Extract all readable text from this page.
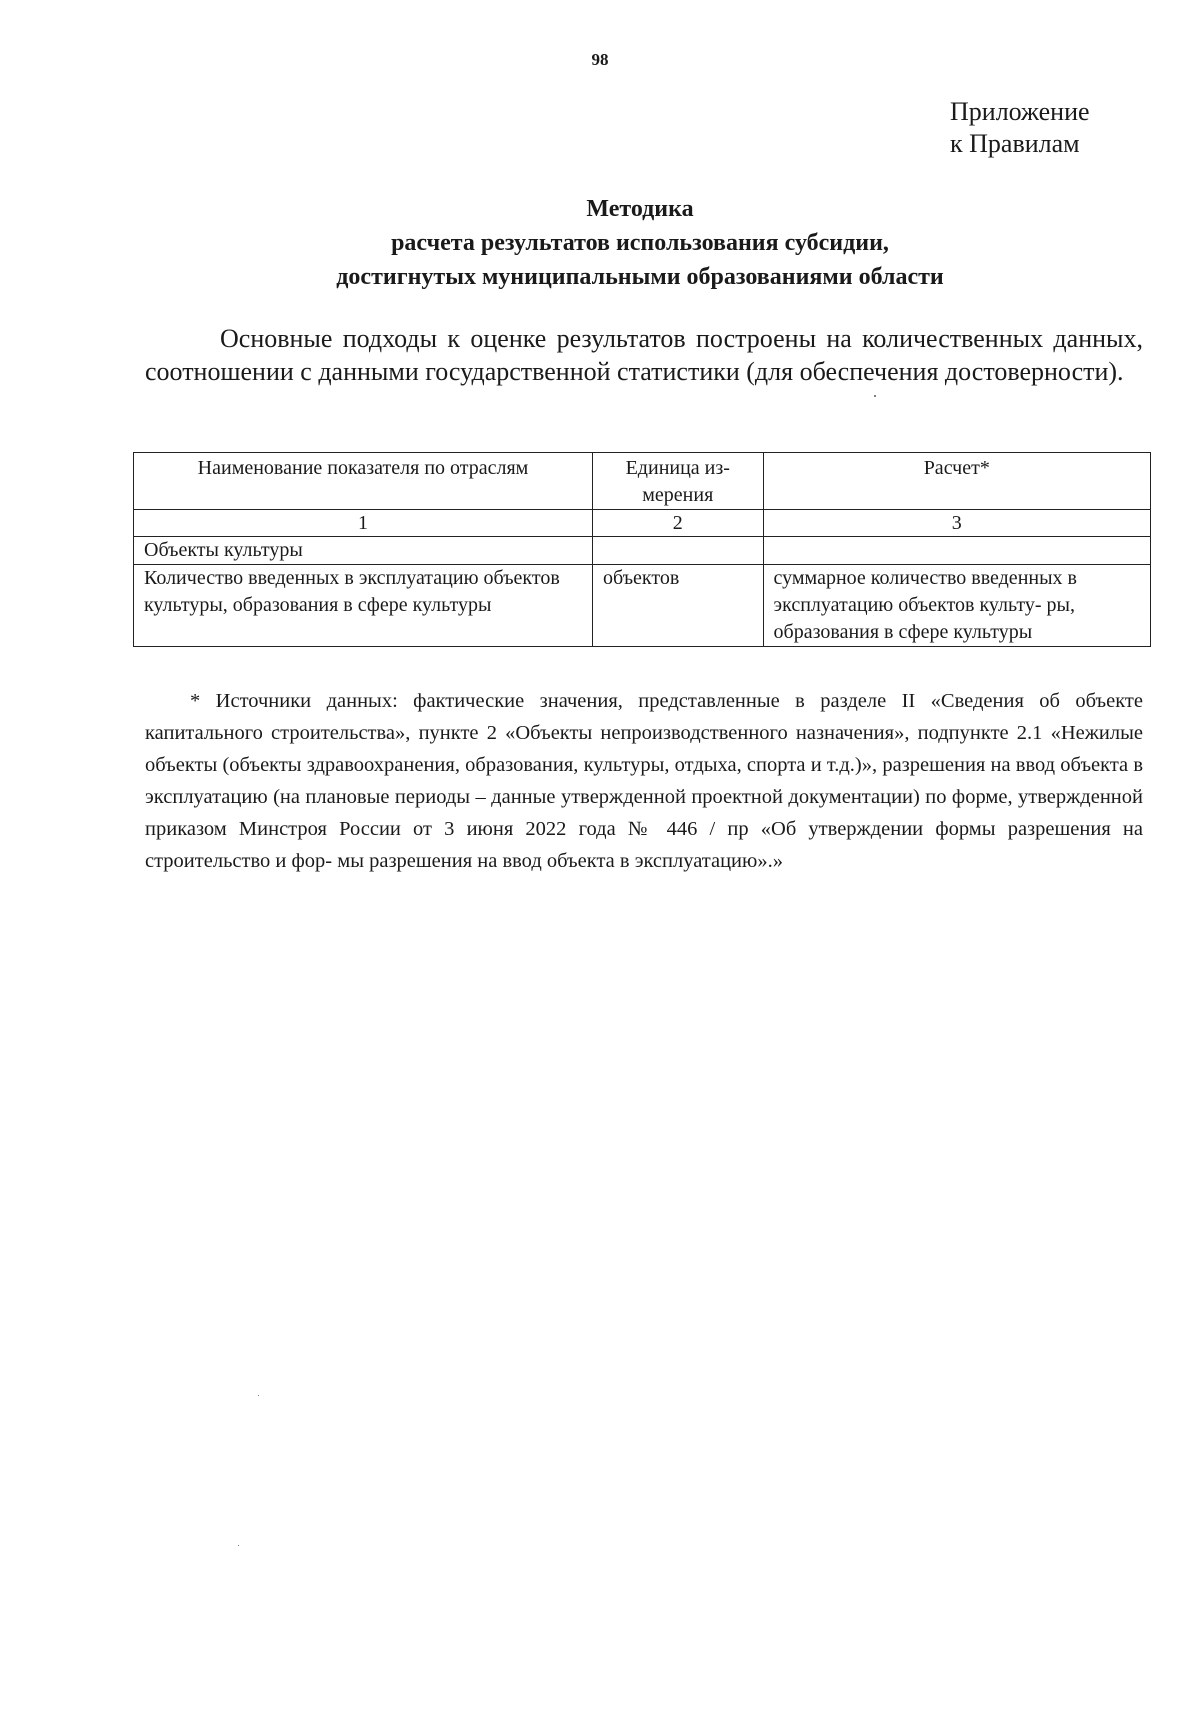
98
Приложение
к Правилам
Методика
расчета результатов использования субсидии,
достигнутых муниципальными образованиями области
Основные подходы к оценке результатов построены на количественных данных, соотношении с данными государственной статистики (для обеспечения достоверности).
Наименование показателя по отраслям	Единица из- мерения	Расчет*
1	2	3
Объекты культуры		
Количество введенных в эксплуатацию объектов культуры, образования в сфере культуры	объектов	суммарное количество введенных в эксплуатацию объектов культу- ры, образования в сфере культуры
* Источники данных: фактические значения, представленные в разделе II «Сведения об объекте капитального строительства», пункте 2 «Объекты непроизводственного назначения», подпункте 2.1 «Нежилые объекты (объекты здравоохранения, образования, культуры, отдыха, спорта и т.д.)», разрешения на ввод объекта в эксплуатацию (на плановые периоды – данные утвержденной проектной документации) по форме, утвержденной приказом Минстроя России от 3 июня 2022 года № 446 / пр «Об утверждении формы разрешения на строительство и фор- мы разрешения на ввод объекта в эксплуатацию».»
